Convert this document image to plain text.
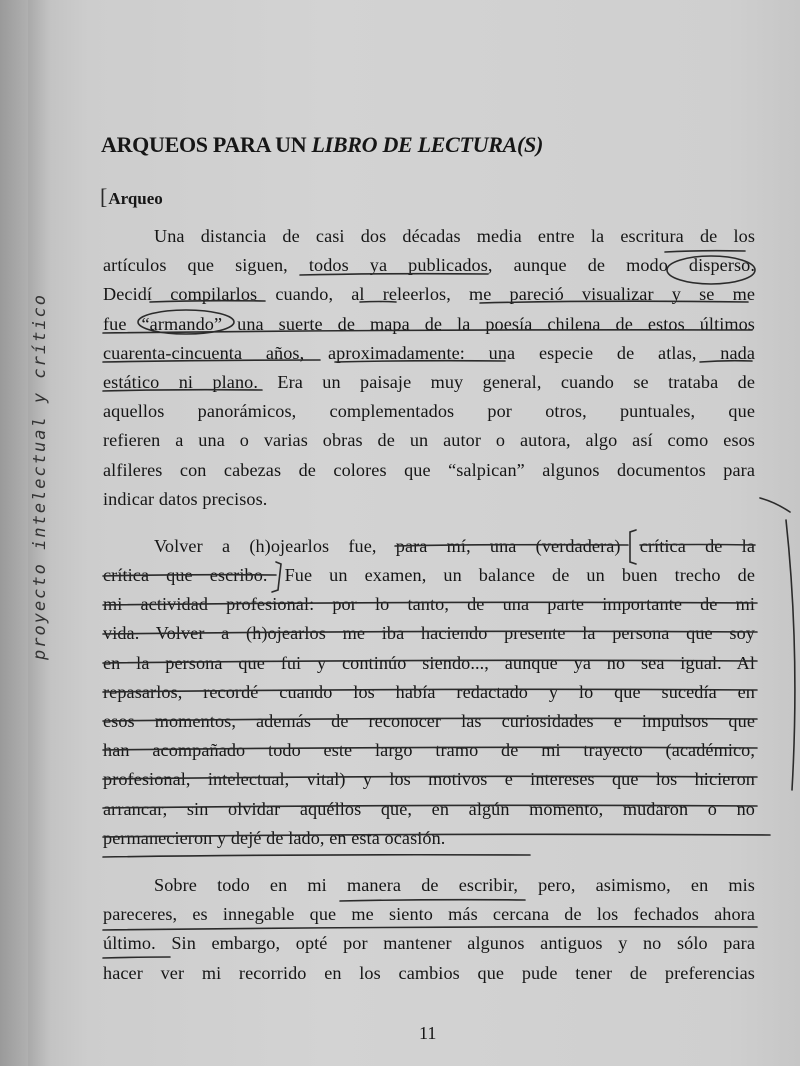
ARQUEOS PARA UN LIBRO DE LECTURA(S)
[Arqueo
Una distancia de casi dos décadas media entre la escritura de los
artículos que siguen, todos ya publicados, aunque de modo disperso.
Decidí compilarlos cuando, al releerlos, me pareció visualizar y se me
fue “armando” una suerte de mapa de la poesía chilena de estos últimos
cuarenta-cincuenta años, aproximadamente: una especie de atlas, nada
estático ni plano. Era un paisaje muy general, cuando se trataba de
aquellos panorámicos, complementados por otros, puntuales, que
refieren a una o varias obras de un autor o autora, algo así como esos
alfileres con cabezas de colores que “salpican” algunos documentos para
indicar datos precisos.
Volver a (h)ojearlos fue, para mí, una (verdadera) crítica de la
crítica que escribo. Fue un examen, un balance de un buen trecho de
mi actividad profesional: por lo tanto, de una parte importante de mi
vida. Volver a (h)ojearlos me iba haciendo presente la persona que soy
en la persona que fui y continúo siendo..., aunque ya no sea igual. Al
repasarlos, recordé cuando los había redactado y lo que sucedía en
esos momentos, además de reconocer las curiosidades e impulsos que
han acompañado todo este largo tramo de mi trayecto (académico,
profesional, intelectual, vital) y los motivos e intereses que los hicieron
arrancar, sin olvidar aquéllos que, en algún momento, mudaron o no
permanecieron y dejé de lado, en esta ocasión.
Sobre todo en mi manera de escribir, pero, asimismo, en mis
pareceres, es innegable que me siento más cercana de los fechados ahora
último. Sin embargo, opté por mantener algunos antiguos y no sólo para
hacer ver mi recorrido en los cambios que pude tener de preferencias
proyecto intelectual y crítico
11
